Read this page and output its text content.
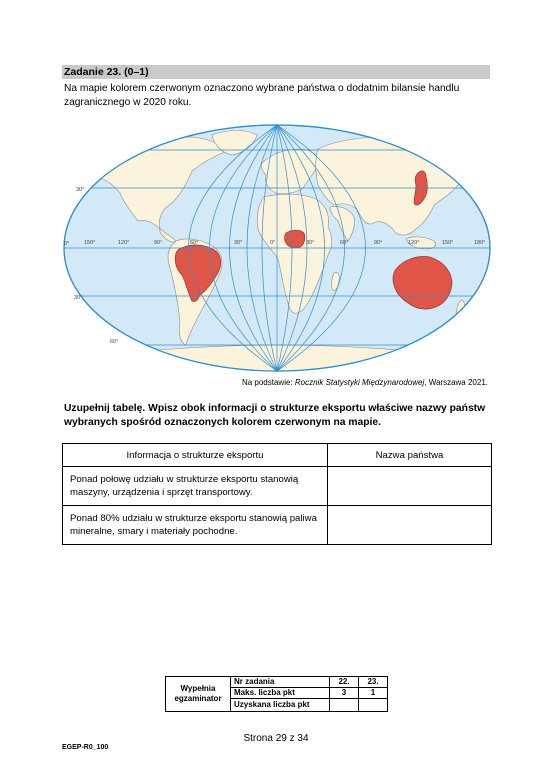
Zadanie 23. (0–1)
Na mapie kolorem czerwonym oznaczono wybrane państwa o dodatnim bilansie handlu zagranicznego w 2020 roku.
30°
0°
30°
60°
150°	120°	90°	60°	30°	0°	30°	60°	90°	120°	150°	180°
Na podstawie: Rocznik Statystyki Międzynarodowej, Warszawa 2021.
Uzupełnij tabelę. Wpisz obok informacji o strukturze eksportu właściwe nazwy państw wybranych spośród oznaczonych kolorem czerwonym na mapie.
Informacja o strukturze eksportu	Nazwa państwa
Ponad połowę udziału w strukturze eksportu stanowią maszyny, urządzenia i sprzęt transportowy.	
Ponad 80% udziału w strukturze eksportu stanowią paliwa mineralne, smary i materiały pochodne.	
Wypełnia
egzaminator	Nr zadania	22.	23.
	Maks. liczba pkt	3	1
	Uzyskana liczba pkt		
Strona 29 z 34
EGEP-R0_100
